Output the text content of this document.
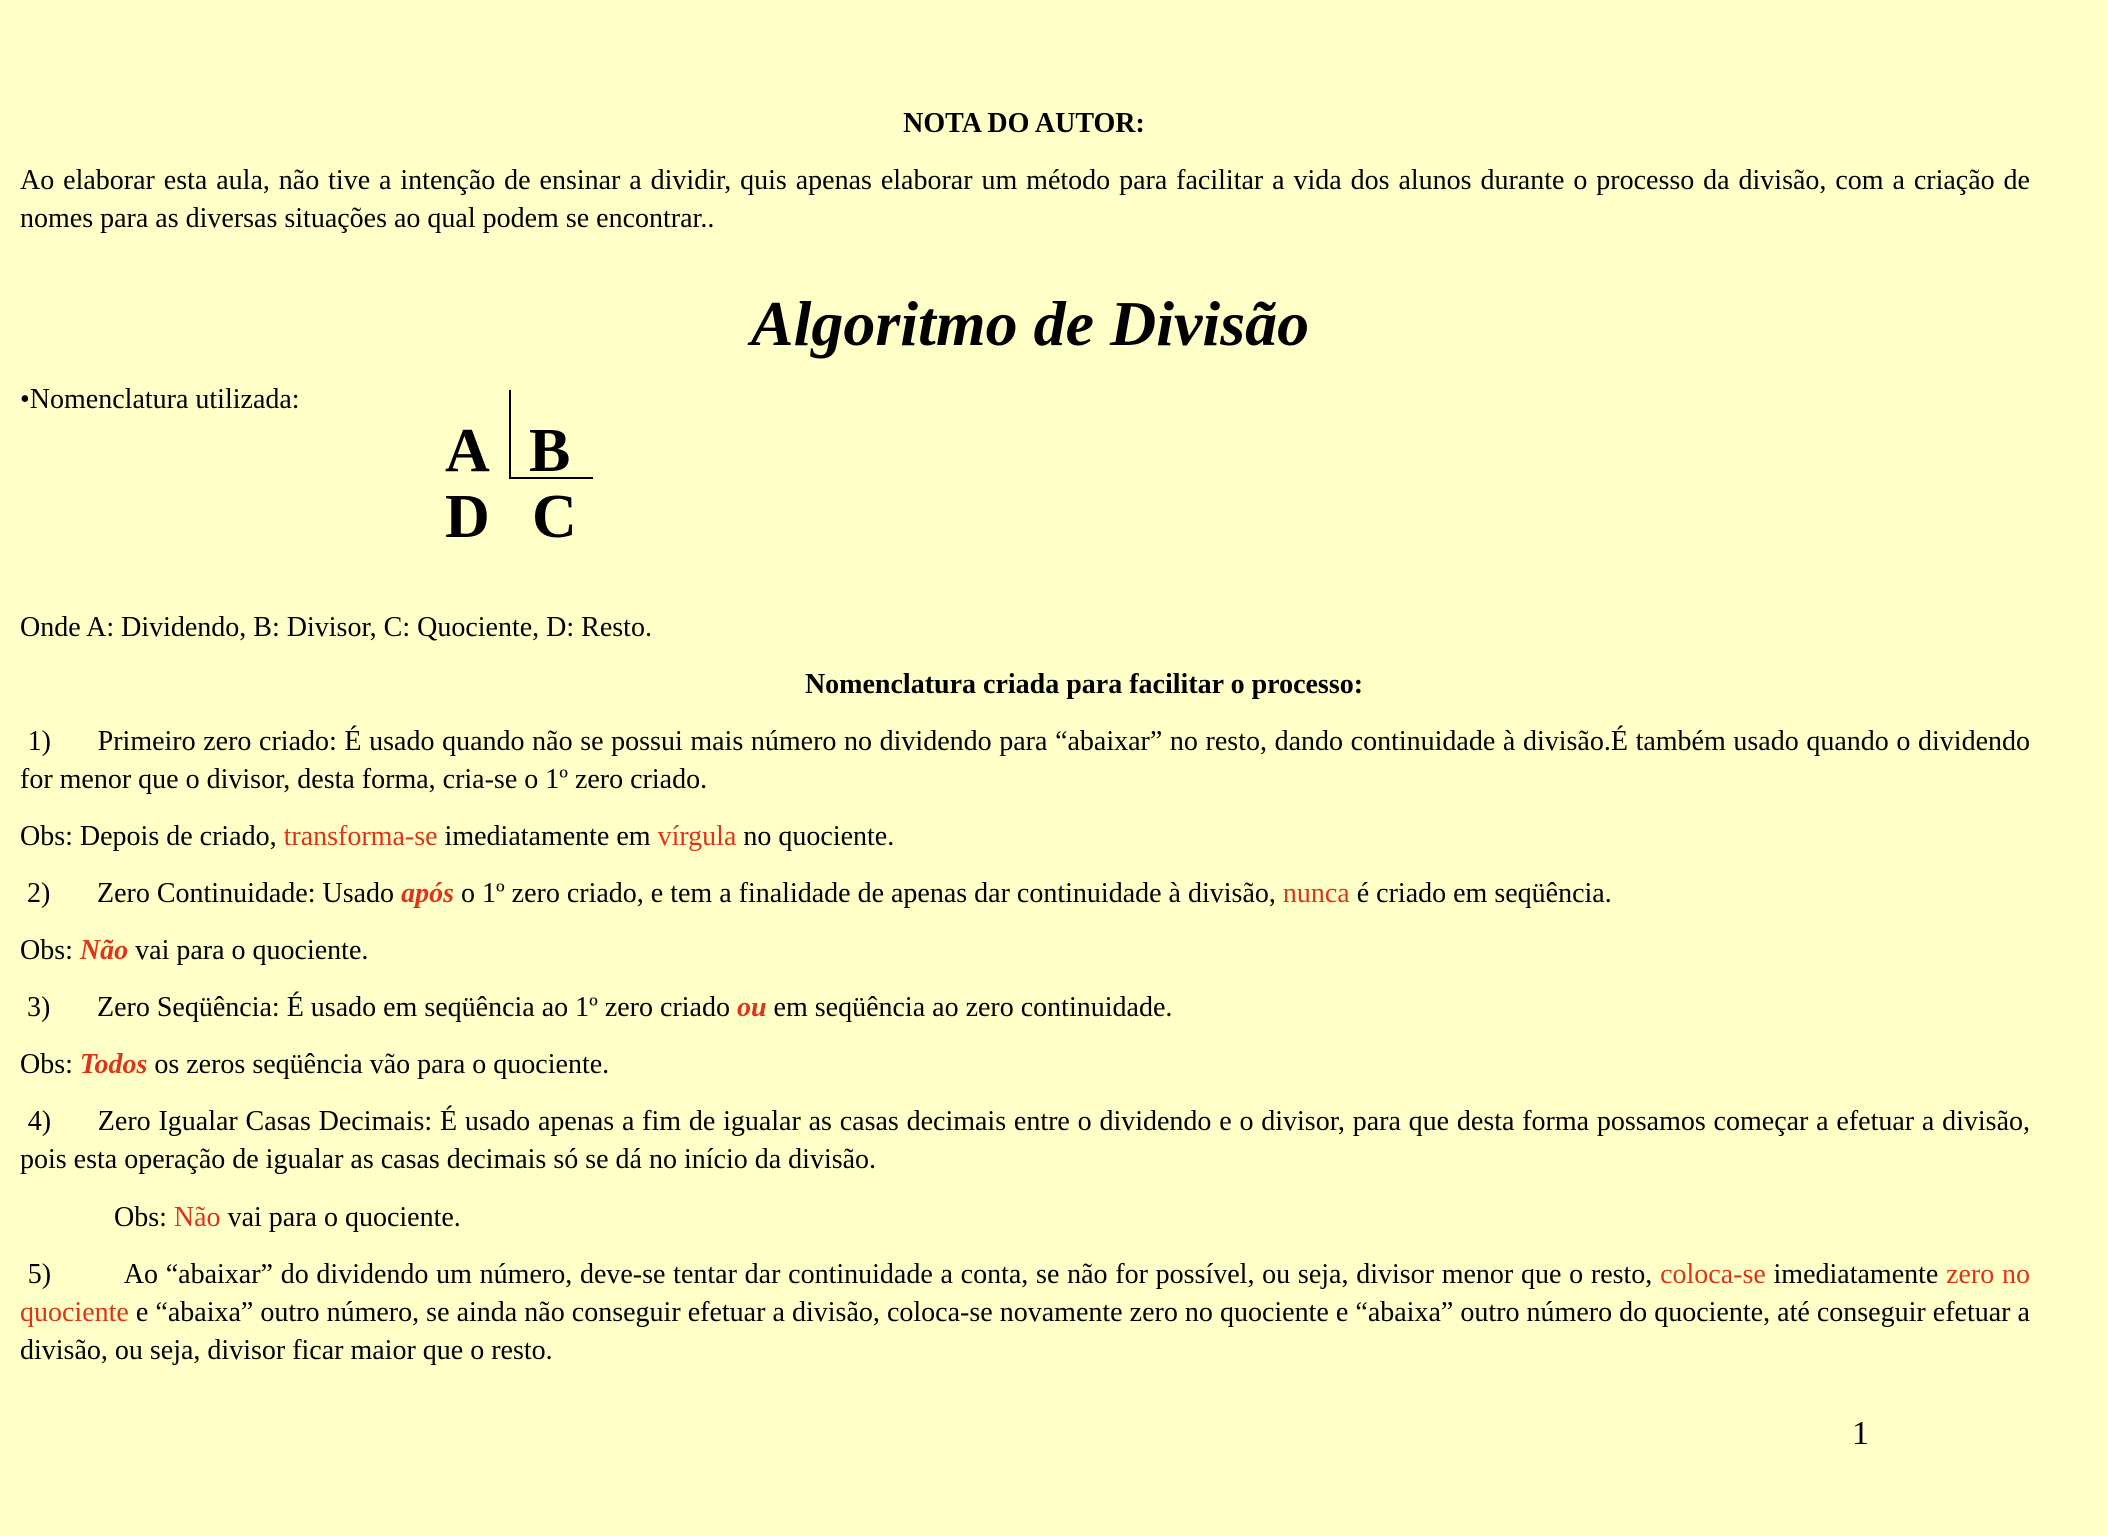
NOTA DO AUTOR:
Ao elaborar esta aula, não tive a intenção de ensinar a dividir, quis apenas elaborar um método para facilitar a vida dos alunos durante o processo da divisão, com a criação de nomes para as diversas situações ao qual podem se encontrar..
Algoritmo de Divisão
•Nomenclatura utilizada:
A B
D C
Onde A: Dividendo, B: Divisor, C: Quociente, D: Resto.
Nomenclatura criada para facilitar o processo:
1) Primeiro zero criado: É usado quando não se possui mais número no dividendo para “abaixar” no resto, dando continuidade à divisão.É também usado quando o dividendo for menor que o divisor, desta forma, cria-se o 1º zero criado.
Obs: Depois de criado, transforma-se imediatamente em vírgula no quociente.
2) Zero Continuidade: Usado após o 1º zero criado, e tem a finalidade de apenas dar continuidade à divisão, nunca é criado em seqüência.
Obs: Não vai para o quociente.
3) Zero Seqüência: É usado em seqüência ao 1º zero criado ou em seqüência ao zero continuidade.
Obs: Todos os zeros seqüência vão para o quociente.
4) Zero Igualar Casas Decimais: É usado apenas a fim de igualar as casas decimais entre o dividendo e o divisor, para que desta forma possamos começar a efetuar a divisão, pois esta operação de igualar as casas decimais só se dá no início da divisão.
Obs: Não vai para o quociente.
5)	Ao “abaixar” do dividendo um número, deve-se tentar dar continuidade a conta, se não for possível, ou seja, divisor menor que o resto, coloca-se imediatamente zero no quociente e “abaixa” outro número, se ainda não conseguir efetuar a divisão, coloca-se novamente zero no quociente e “abaixa” outro número do quociente, até conseguir efetuar a divisão, ou seja, divisor ficar maior que o resto.
1
